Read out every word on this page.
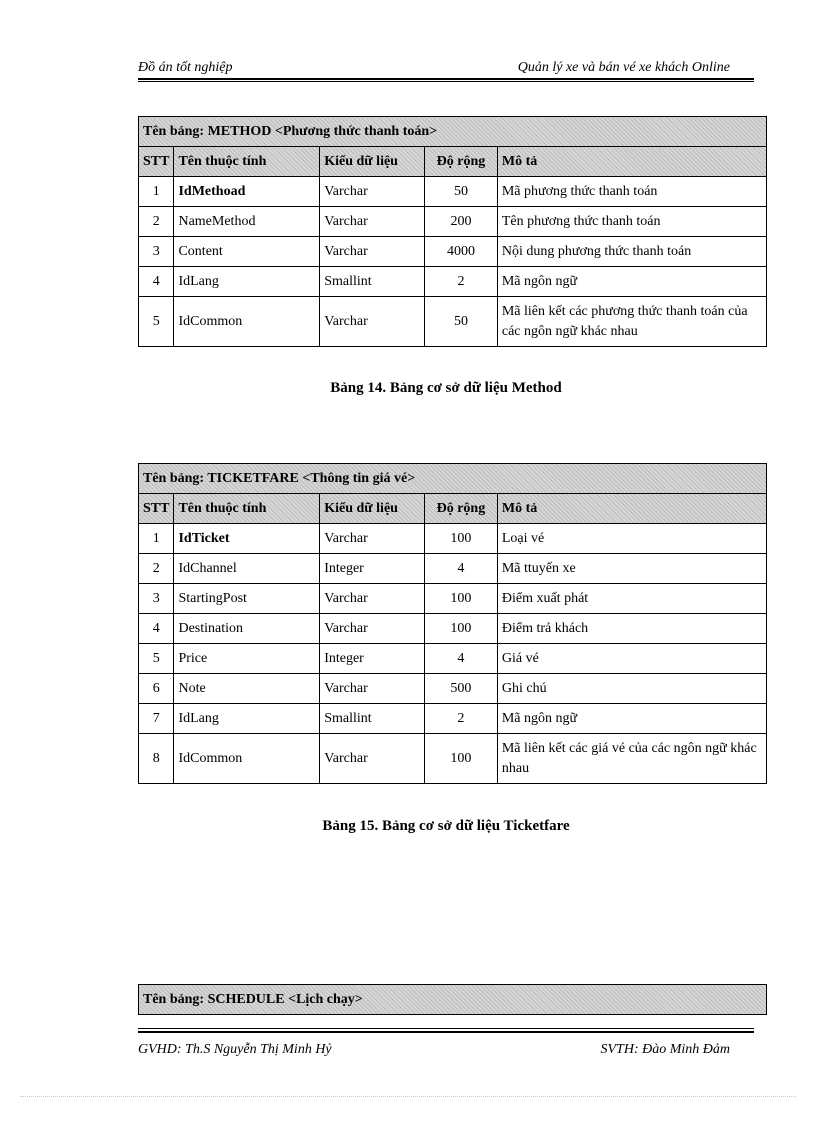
Đồ án tốt nghiệp	Quản lý xe và bán vé xe khách Online
Tên bảng: METHOD <Phương thức thanh toán>				
STT	Tên thuộc tính	Kiểu dữ liệu	Độ rộng	Mô tả
1	IdMethoad	Varchar	50	Mã phương thức thanh toán
2	NameMethod	Varchar	200	Tên phương thức thanh toán
3	Content	Varchar	4000	Nội dung phương thức thanh toán
4	IdLang	Smallint	2	Mã ngôn ngữ
5	IdCommon	Varchar	50	Mã liên kết các phương thức thanh toán của các ngôn ngữ khác nhau
Bảng 14. Bảng cơ sở dữ liệu Method
Tên bảng: TICKETFARE <Thông tin giá vé>				
STT	Tên thuộc tính	Kiểu dữ liệu	Độ rộng	Mô tả
1	IdTicket	Varchar	100	Loại vé
2	IdChannel	Integer	4	Mã ttuyến xe
3	StartingPost	Varchar	100	Điểm xuất phát
4	Destination	Varchar	100	Điểm trả khách
5	Price	Integer	4	Giá vé
6	Note	Varchar	500	Ghi chú
7	IdLang	Smallint	2	Mã ngôn ngữ
8	IdCommon	Varchar	100	Mã liên kết các giá vé của các ngôn ngữ khác nhau
Bảng 15. Bảng cơ sở dữ liệu Ticketfare
Tên bảng: SCHEDULE <Lịch chạy>
GVHD: Th.S Nguyễn Thị Minh Hỷ	SVTH: Đào Minh Đảm
